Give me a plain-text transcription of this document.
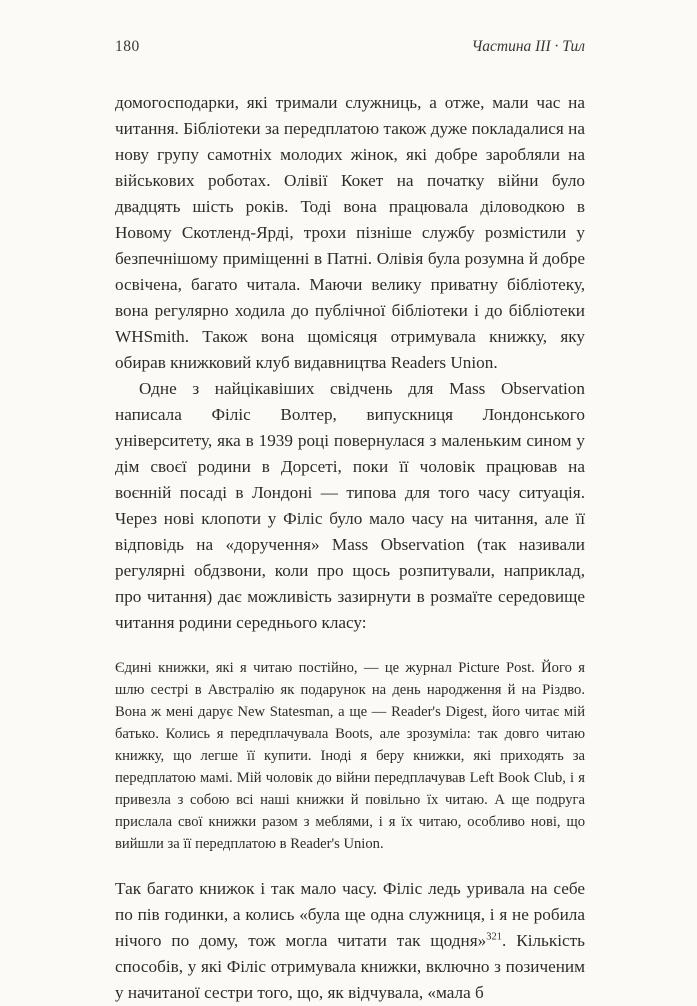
180	Частина III · Тил

домогосподарки, які тримали служниць, а отже, мали час на читання. Бібліотеки за передплатою також дуже покладалися на нову групу самотніх молодих жінок, які добре заробляли на військових роботах. Олівії Кокет на початку війни було двадцять шість років. Тоді вона працювала діловодкою в Новому Скотленд-Ярді, трохи пізніше службу розмістили у безпечнішому приміщенні в Патні. Олівія була розумна й добре освічена, багато читала. Маючи велику приватну бібліотеку, вона регулярно ходила до публічної бібліотеки і до бібліотеки WHSmith. Також вона щомісяця отримувала книжку, яку обирав книжковий клуб видавництва Readers Union.

Одне з найцікавіших свідчень для Mass Observation написала Філіс Волтер, випускниця Лондонського університету, яка в 1939 році повернулася з маленьким сином у дім своєї родини в Дорсеті, поки її чоловік працював на воєнній посаді в Лондоні — типова для того часу ситуація. Через нові клопоти у Філіс було мало часу на читання, але її відповідь на «доручення» Mass Observation (так називали регулярні обдзвони, коли про щось розпитували, наприклад, про читання) дає можливість зазирнути в розмаїте середовище читання родини середнього класу:

Єдині книжки, які я читаю постійно, — це журнал Picture Post. Його я шлю сестрі в Австралію як подарунок на день народження й на Різдво. Вона ж мені дарує New Statesman, а ще — Reader's Digest, його читає мій батько. Колись я передплачувала Boots, але зрозуміла: так довго читаю книжку, що легше її купити. Іноді я беру книжки, які приходять за передплатою мамі. Мій чоловік до війни передплачував Left Book Club, і я привезла з собою всі наші книжки й повільно їх читаю. А ще подруга прислала свої книжки разом з меблями, і я їх читаю, особливо нові, що вийшли за її передплатою в Reader's Union.

Так багато книжок і так мало часу. Філіс ледь уривала на себе по пів годинки, а колись «була ще одна служниця, і я не робила нічого по дому, тож могла читати так щодня»$^{321}$. Кількість способів, у які Філіс отримувала книжки, включно з позиченим у начитаної сестри того, що, як відчувала, «мала б
